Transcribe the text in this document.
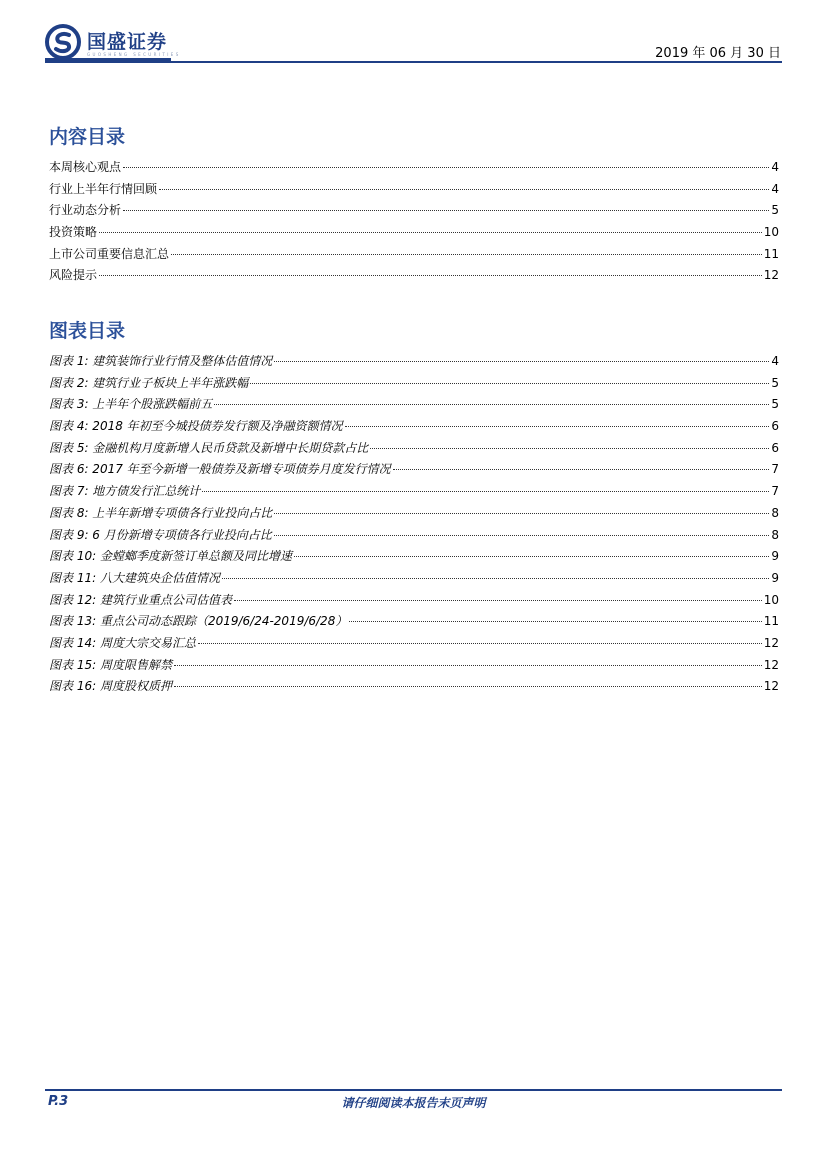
国盛证券
GUOSHENG SECURITIES	2019 年 06 月 30 日
内容目录
本周核心观点	4
行业上半年行情回顾	4
行业动态分析	5
投资策略	10
上市公司重要信息汇总	11
风险提示	12
图表目录
图表 1: 建筑装饰行业行情及整体估值情况	4
图表 2: 建筑行业子板块上半年涨跌幅	5
图表 3: 上半年个股涨跌幅前五	5
图表 4: 2018 年初至今城投债券发行额及净融资额情况	6
图表 5: 金融机构月度新增人民币贷款及新增中长期贷款占比	6
图表 6: 2017 年至今新增一般债券及新增专项债券月度发行情况	7
图表 7: 地方债发行汇总统计	7
图表 8: 上半年新增专项债各行业投向占比	8
图表 9: 6 月份新增专项债各行业投向占比	8
图表 10: 金螳螂季度新签订单总额及同比增速	9
图表 11: 八大建筑央企估值情况	9
图表 12: 建筑行业重点公司估值表	10
图表 13: 重点公司动态跟踪（2019/6/24-2019/6/28）	11
图表 14: 周度大宗交易汇总	12
图表 15: 周度限售解禁	12
图表 16: 周度股权质押	12
P.3	请仔细阅读本报告末页声明
